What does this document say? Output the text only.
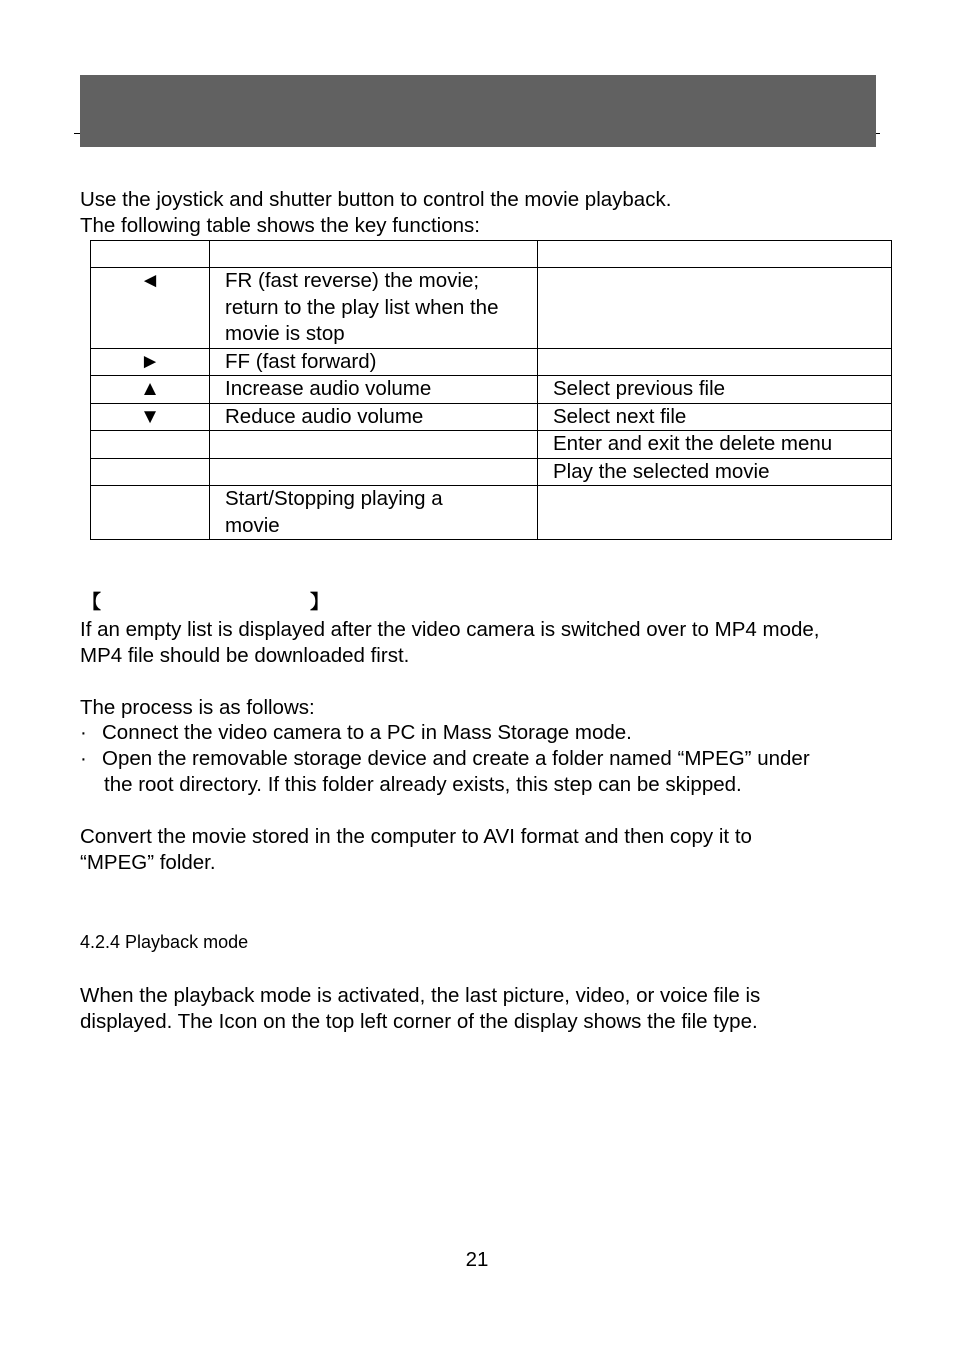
Use the joystick and shutter button to control the movie playback.

The following table shows the key functions:

◄	FR (fast reverse) the movie;
return to the play list when the
movie is stop	
►	FF (fast forward)	
▲	Increase audio volume	Select previous file
▼	Reduce audio volume	Select next file
		Enter and exit the delete menu
		Play the selected movie
	Start/Stopping playing a
movie	
【	】

If an empty list is displayed after the video camera is switched over to MP4 mode,

MP4 file should be downloaded first.

The process is as follows:

· Connect the video camera to a PC in Mass Storage mode.
· Open the removable storage device and create a folder named “MPEG” under

the root directory. If this folder already exists, this step can be skipped.

Convert the movie stored in the computer to AVI format and then copy it to

“MPEG” folder.

4.2.4 Playback mode

When the playback mode is activated, the last picture, video, or voice file is

displayed. The Icon on the top left corner of the display shows the file type.

21
